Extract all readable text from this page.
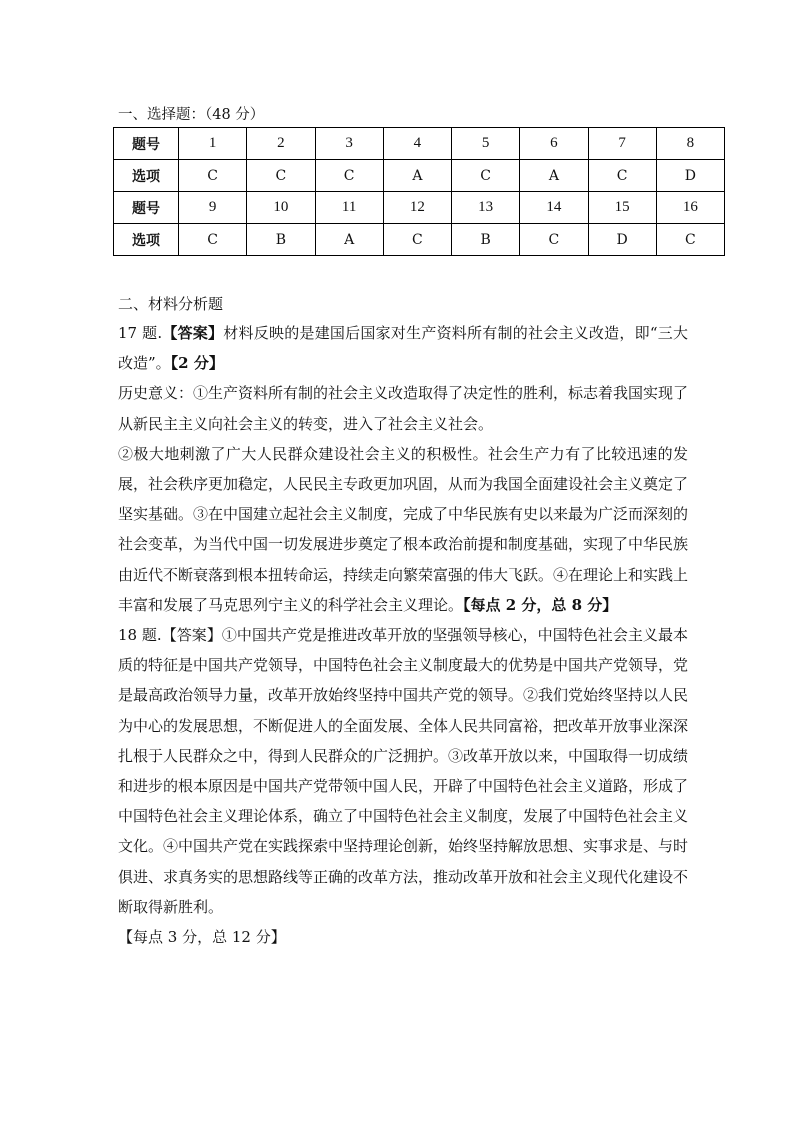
一、选择题：（48 分）
题号	1	2	3	4	5	6	7	8
选项	C	C	C	A	C	A	C	D
题号	9	10	11	12	13	14	15	16
选项	C	B	A	C	B	C	D	C
二、材料分析题

17 题.【答案】材料反映的是建国后国家对生产资料所有制的社会主义改造，即“三大改造”。【2 分】

历史意义：①生产资料所有制的社会主义改造取得了决定性的胜利，标志着我国实现了从新民主主义向社会主义的转变，进入了社会主义社会。

②极大地刺激了广大人民群众建设社会主义的积极性。社会生产力有了比较迅速的发展，社会秩序更加稳定，人民民主专政更加巩固，从而为我国全面建设社会主义奠定了坚实基础。③在中国建立起社会主义制度，完成了中华民族有史以来最为广泛而深刻的社会变革，为当代中国一切发展进步奠定了根本政治前提和制度基础，实现了中华民族由近代不断衰落到根本扭转命运，持续走向繁荣富强的伟大飞跃。④在理论上和实践上丰富和发展了马克思列宁主义的科学社会主义理论。【每点 2 分，总 8 分】

18 题.【答案】①中国共产党是推进改革开放的坚强领导核心，中国特色社会主义最本质的特征是中国共产党领导，中国特色社会主义制度最大的优势是中国共产党领导，党是最高政治领导力量，改革开放始终坚持中国共产党的领导。②我们党始终坚持以人民为中心的发展思想，不断促进人的全面发展、全体人民共同富裕，把改革开放事业深深扎根于人民群众之中，得到人民群众的广泛拥护。③改革开放以来，中国取得一切成绩和进步的根本原因是中国共产党带领中国人民，开辟了中国特色社会主义道路，形成了中国特色社会主义理论体系，确立了中国特色社会主义制度，发展了中国特色社会主义文化。④中国共产党在实践探索中坚持理论创新，始终坚持解放思想、实事求是、与时俱进、求真务实的思想路线等正确的改革方法，推动改革开放和社会主义现代化建设不断取得新胜利。

【每点 3 分，总 12 分】
